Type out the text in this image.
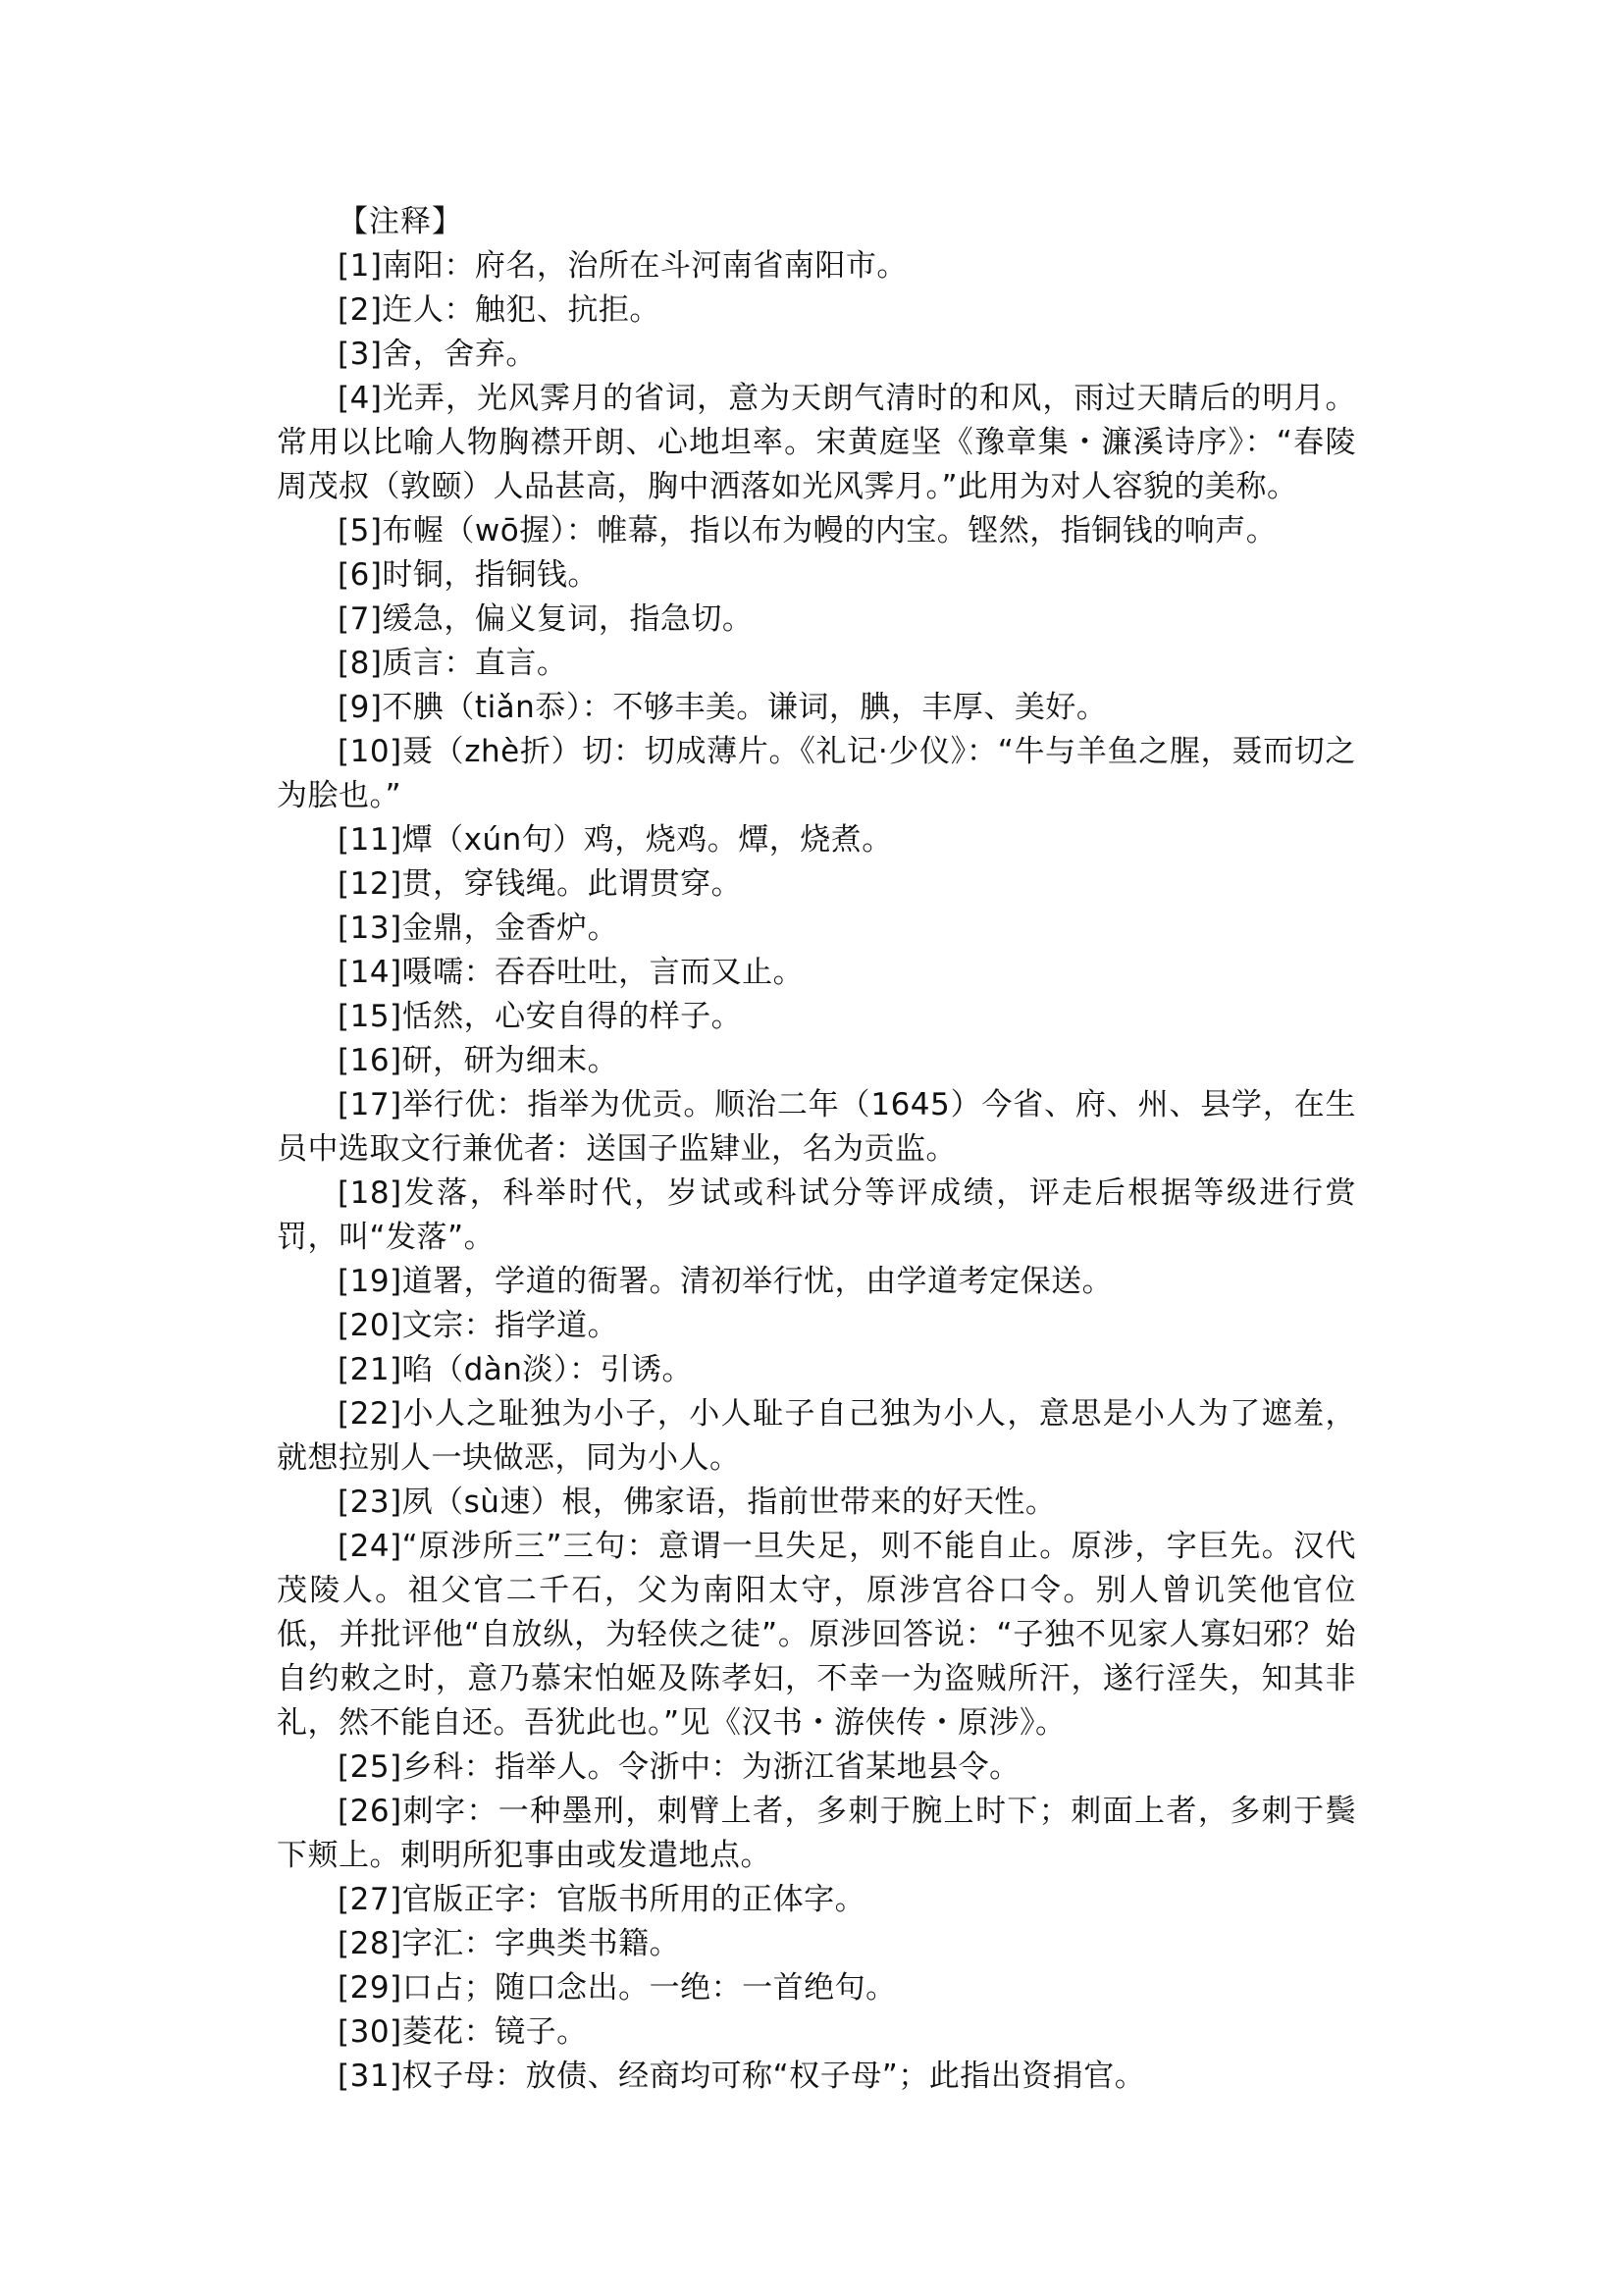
【注释】

[1]南阳：府名，治所在斗河南省南阳市。

[2]迕人：触犯、抗拒。

[3]舍，舍弃。

[4]光弄，光风霁月的省词，意为天朗气清时的和风，雨过天睛后的明月。常用以比喻人物胸襟开朗、心地坦率。宋黄庭坚《豫章集・濂溪诗序》：“春陵周茂叔（敦颐）人品甚高，胸中洒落如光风霁月。”此用为对人容貌的美称。

[5]布幄（wō握）：帷幕，指以布为幔的内宝。铿然，指铜钱的响声。

[6]时铜，指铜钱。

[7]缓急，偏义复词，指急切。

[8]质言：直言。

[9]不腆（tiǎn忝）：不够丰美。谦词，腆，丰厚、美好。

[10]聂（zhè折）切：切成薄片。《礼记·少仪》：“牛与羊鱼之腥，聂而切之为脍也。”

[11]燂（xún句）鸡，烧鸡。燂，烧煮。

[12]贯，穿钱绳。此谓贯穿。

[13]金鼎，金香炉。

[14]嗫嚅：吞吞吐吐，言而又止。

[15]恬然，心安自得的样子。

[16]研，研为细末。

[17]举行优：指举为优贡。顺治二年（1645）今省、府、州、县学，在生员中选取文行兼优者：送国子监肄业，名为贡监。

[18]发落，科举时代，岁试或科试分等评成绩，评走后根据等级进行赏罚，叫“发落”。

[19]道署，学道的衙署。清初举行忧，由学道考定保送。

[20]文宗：指学道。

[21]啗（dàn淡）：引诱。

[22]小人之耻独为小子，小人耻子自己独为小人，意思是小人为了遮羞，就想拉别人一块做恶，同为小人。

[23]夙（sù速）根，佛家语，指前世带来的好天性。

[24]“原涉所三”三句：意谓一旦失足，则不能自止。原涉，字巨先。汉代茂陵人。祖父官二千石，父为南阳太守，原涉宫谷口令。别人曾讥笑他官位低，并批评他“自放纵，为轻侠之徒”。原涉回答说：“子独不见家人寡妇邪？始自约敕之时，意乃慕宋怕姬及陈孝妇，不幸一为盗贼所汗，遂行淫失，知其非礼，然不能自还。吾犹此也。”见《汉书・游侠传・原涉》。

[25]乡科：指举人。令浙中：为浙江省某地县令。

[26]刺字：一种墨刑，刺臂上者，多刺于腕上时下；刺面上者，多刺于鬓下颊上。刺明所犯事由或发遣地点。

[27]官版正字：官版书所用的正体字。

[28]字汇：字典类书籍。

[29]口占；随口念出。一绝：一首绝句。

[30]菱花：镜子。

[31]权子母：放债、经商均可称“权子母”；此指出资捐官。
